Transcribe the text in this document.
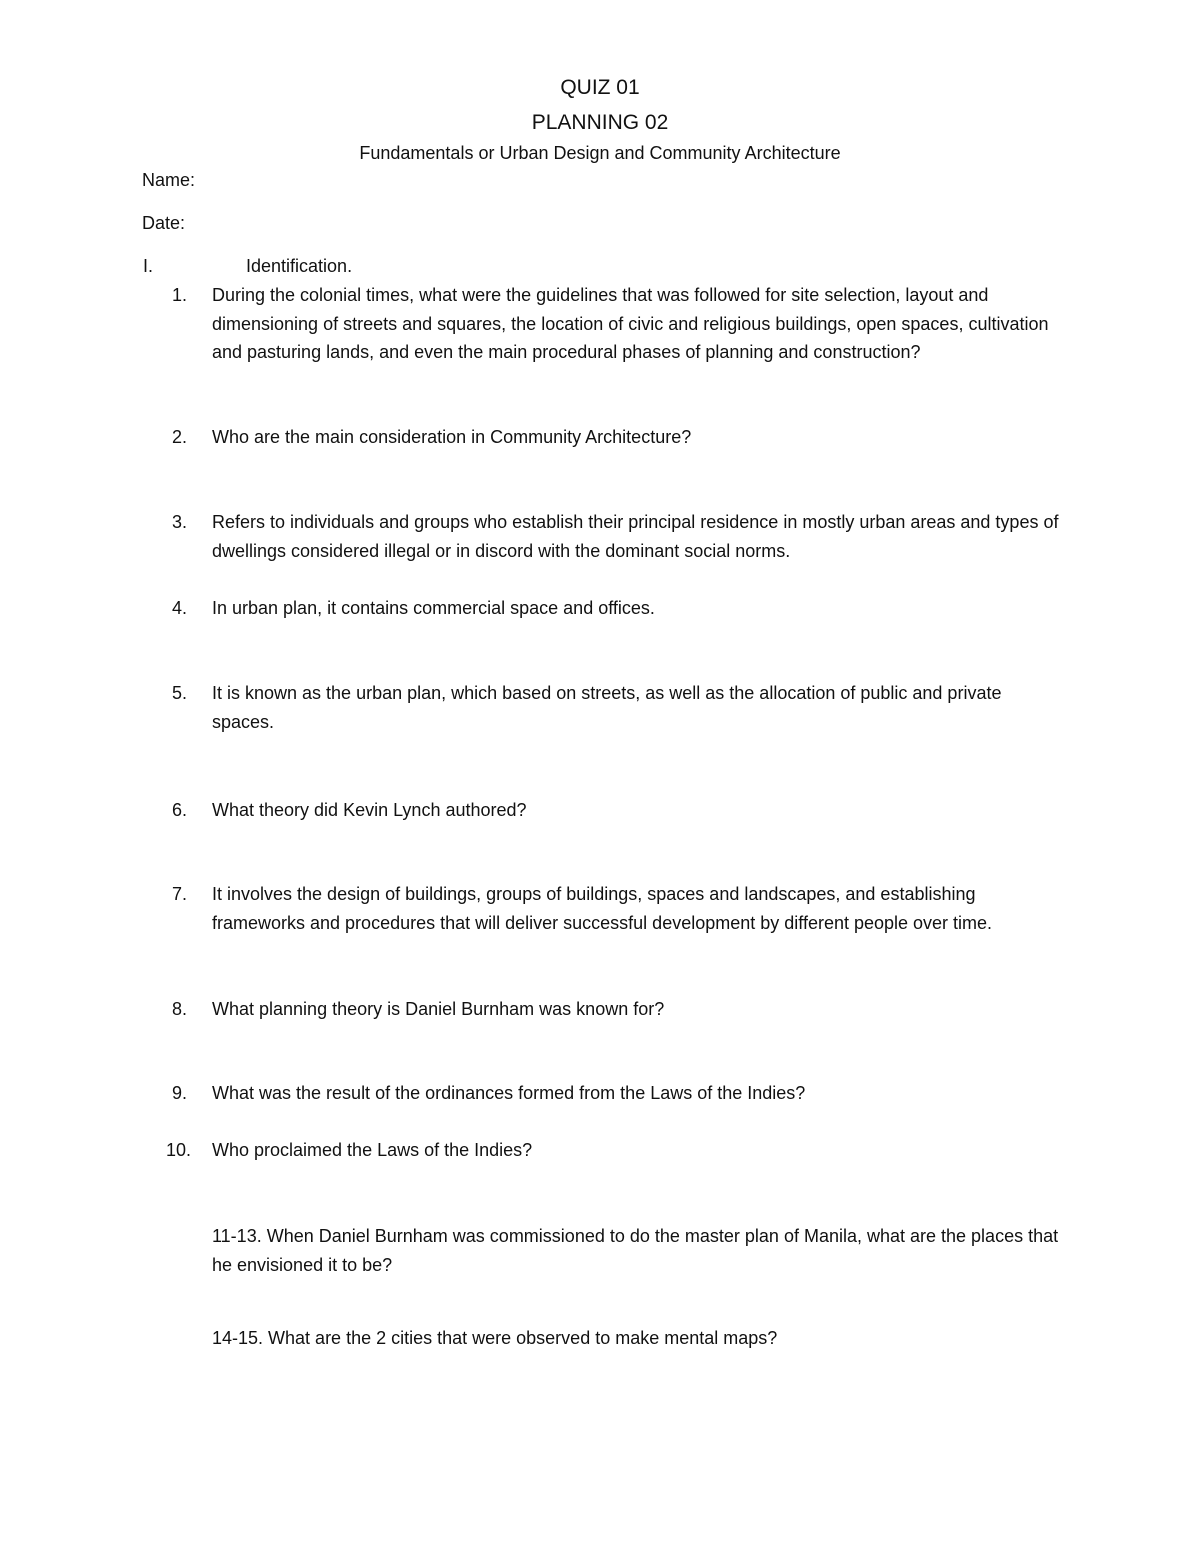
QUIZ 01
PLANNING 02
Fundamentals or Urban Design and Community Architecture
Name:
Date:
I.	Identification.
1.	During the colonial times, what were the guidelines that was followed for site selection, layout and dimensioning of streets and squares, the location of civic and religious buildings, open spaces, cultivation and pasturing lands, and even the main procedural phases of planning and construction?
2.	Who are the main consideration in Community Architecture?
3.	Refers to individuals and groups who establish their principal residence in mostly urban areas and types of dwellings considered illegal or in discord with the dominant social norms.
4.	In urban plan, it contains commercial space and offices.
5.	It is known as the urban plan, which based on streets, as well as the allocation of public and private spaces.
6.	What theory did Kevin Lynch authored?
7.	It involves the design of buildings, groups of buildings, spaces and landscapes, and establishing frameworks and procedures that will deliver successful development by different people over time.
8.	What planning theory is Daniel Burnham was known for?
9.	What was the result of the ordinances formed from the Laws of the Indies?
10.	Who proclaimed the Laws of the Indies?
11-13. When Daniel Burnham was commissioned to do the master plan of Manila, what are the places that he envisioned it to be?
14-15. What are the 2 cities that were observed to make mental maps?
